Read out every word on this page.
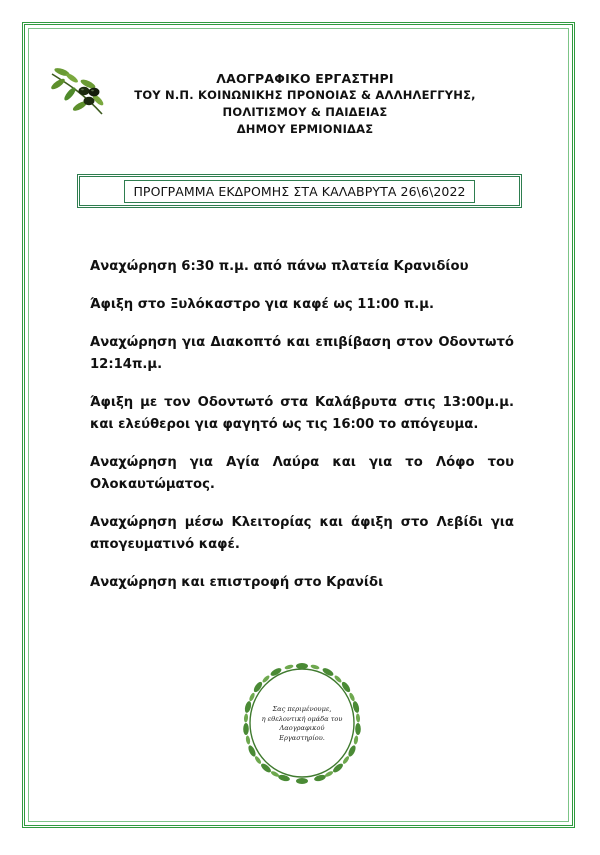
ΛΑΟΓΡΑΦΙΚΟ ΕΡΓΑΣΤΗΡΙ
ΤΟΥ Ν.Π. ΚΟΙΝΩΝΙΚΗΣ ΠΡΟΝΟΙΑΣ & ΑΛΛΗΛΕΓΓΥΗΣ,
ΠΟΛΙΤΙΣΜΟΥ & ΠΑΙΔΕΙΑΣ
ΔΗΜΟΥ ΕΡΜΙΟΝΙΔΑΣ
ΠΡΟΓΡΑΜΜΑ ΕΚΔΡΟΜΗΣ ΣΤΑ ΚΑΛΑΒΡΥΤΑ 26\6\2022

Αναχώρηση 6:30 π.μ. από πάνω πλατεία Κρανιδίου

Άφιξη στο Ξυλόκαστρο για καφέ ως 11:00 π.μ.

Αναχώρηση για Διακοπτό και επιβίβαση στον Οδοντωτό 12:14π.μ.

Άφιξη με τον Οδοντωτό στα Καλάβρυτα στις 13:00μ.μ. και ελεύθεροι για φαγητό ως τις 16:00 το απόγευμα.

Αναχώρηση για Αγία Λαύρα και για το Λόφο του Ολοκαυτώματος.

Αναχώρηση μέσω Κλειτορίας και άφιξη στο Λεβίδι για απογευματινό καφέ.

Αναχώρηση και επιστροφή στο Κρανίδι

Σας περιμένουμε,
η εθελοντική ομάδα του
Λαογραφικού
Εργαστηρίου.
